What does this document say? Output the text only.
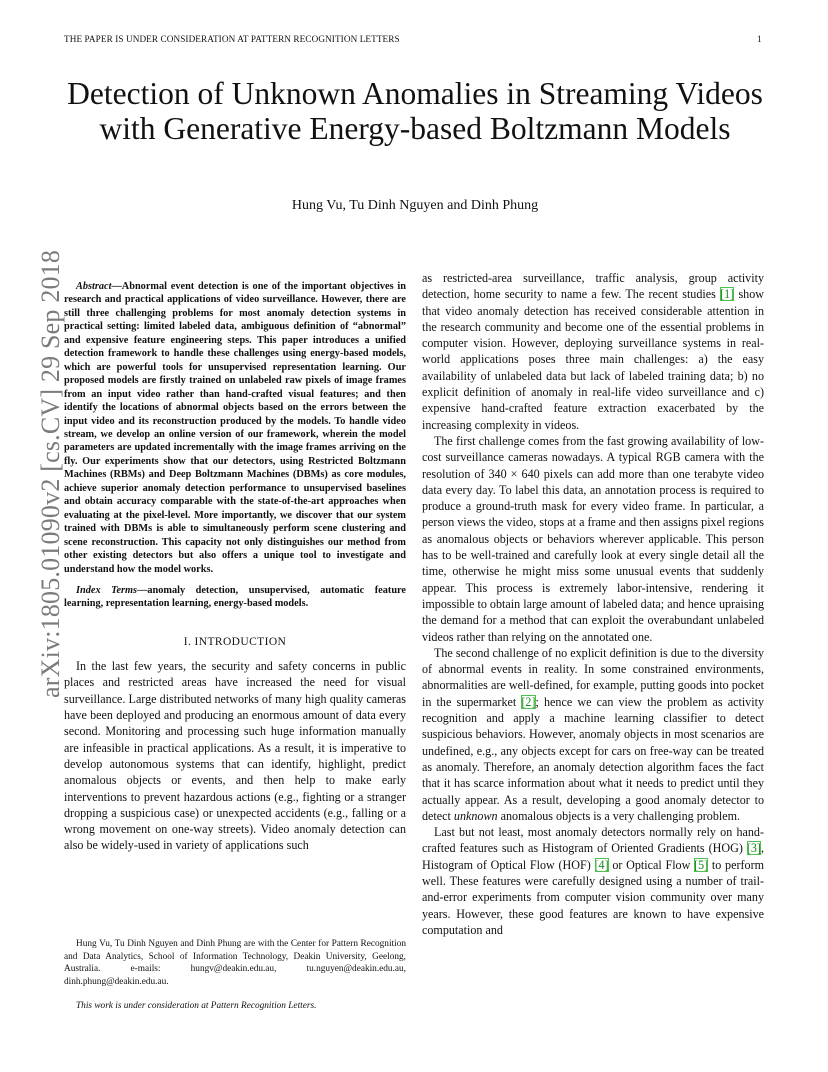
THE PAPER IS UNDER CONSIDERATION AT PATTERN RECOGNITION LETTERS	1
Detection of Unknown Anomalies in Streaming Videos with Generative Energy-based Boltzmann Models
Hung Vu, Tu Dinh Nguyen and Dinh Phung
arXiv:1805.01090v2 [cs.CV] 29 Sep 2018	Abstract—Abnormal event detection is one of the important objectives in research and practical applications of video surveillance. However, there are still three challenging problems for most anomaly detection systems in practical setting: limited labeled data, ambiguous definition of “abnormal” and expensive feature engineering steps. This paper introduces a unified detection framework to handle these challenges using energy-based models, which are powerful tools for unsupervised representation learning. Our proposed models are firstly trained on unlabeled raw pixels of image frames from an input video rather than hand-crafted visual features; and then identify the locations of abnormal objects based on the errors between the input video and its reconstruction produced by the models. To handle video stream, we develop an online version of our framework, wherein the model parameters are updated incrementally with the image frames arriving on the fly. Our experiments show that our detectors, using Restricted Boltzmann Machines (RBMs) and Deep Boltzmann Machines (DBMs) as core modules, achieve superior anomaly detection performance to unsupervised baselines and obtain accuracy comparable with the state-of-the-art approaches when evaluating at the pixel-level. More importantly, we discover that our system trained with DBMs is able to simultaneously perform scene clustering and scene reconstruction. This capacity not only distinguishes our method from other existing detectors but also offers a unique tool to investigate and understand how the model works.

Index Terms—anomaly detection, unsupervised, automatic feature learning, representation learning, energy-based models.

I. INTRODUCTION

In the last few years, the security and safety concerns in public places and restricted areas have increased the need for visual surveillance. Large distributed networks of many high quality cameras have been deployed and producing an enormous amount of data every second. Monitoring and processing such huge information manually are infeasible in practical applications. As a result, it is imperative to develop autonomous systems that can identify, highlight, predict anomalous objects or events, and then help to make early interventions to prevent hazardous actions (e.g., fighting or a stranger dropping a suspicious case) or unexpected accidents (e.g., falling or a wrong movement on one-way streets). Video anomaly detection can also be widely-used in variety of applications such

Hung Vu, Tu Dinh Nguyen and Dinh Phung are with the Center for Pattern Recognition and Data Analytics, School of Information Technology, Deakin University, Geelong, Australia. e-mails: hungv@deakin.edu.au, tu.nguyen@deakin.edu.au, dinh.phung@deakin.edu.au.
This work is under consideration at Pattern Recognition Letters.

as restricted-area surveillance, traffic analysis, group activity detection, home security to name a few. The recent studies [1] show that video anomaly detection has received considerable attention in the research community and become one of the essential problems in computer vision. However, deploying surveillance systems in real-world applications poses three main challenges: a) the easy availability of unlabeled data but lack of labeled training data; b) no explicit definition of anomaly in real-life video surveillance and c) expensive hand-crafted feature extraction exacerbated by the increasing complexity in videos.

The first challenge comes from the fast growing availability of low-cost surveillance cameras nowadays. A typical RGB camera with the resolution of 340 × 640 pixels can add more than one terabyte video data every day. To label this data, an annotation process is required to produce a ground-truth mask for every video frame. In particular, a person views the video, stops at a frame and then assigns pixel regions as anomalous objects or behaviors wherever applicable. This person has to be well-trained and carefully look at every single detail all the time, otherwise he might miss some unusual events that suddenly appear. This process is extremely labor-intensive, rendering it impossible to obtain large amount of labeled data; and hence upraising the demand for a method that can exploit the overabundant unlabeled videos rather than relying on the annotated one.

The second challenge of no explicit definition is due to the diversity of abnormal events in reality. In some constrained environments, abnormalities are well-defined, for example, putting goods into pocket in the supermarket [2]; hence we can view the problem as activity recognition and apply a machine learning classifier to detect suspicious behaviors. However, anomaly objects in most scenarios are undefined, e.g., any objects except for cars on free-way can be treated as anomaly. Therefore, an anomaly detection algorithm faces the fact that it has scarce information about what it needs to predict until they actually appear. As a result, developing a good anomaly detector to detect unknown anomalous objects is a very challenging problem.

Last but not least, most anomaly detectors normally rely on hand-crafted features such as Histogram of Oriented Gradients (HOG) [3], Histogram of Optical Flow (HOF) [4] or Optical Flow [5] to perform well. These features were carefully designed using a number of trail-and-error experiments from computer vision community over many years. However, these good features are known to have expensive computation and
